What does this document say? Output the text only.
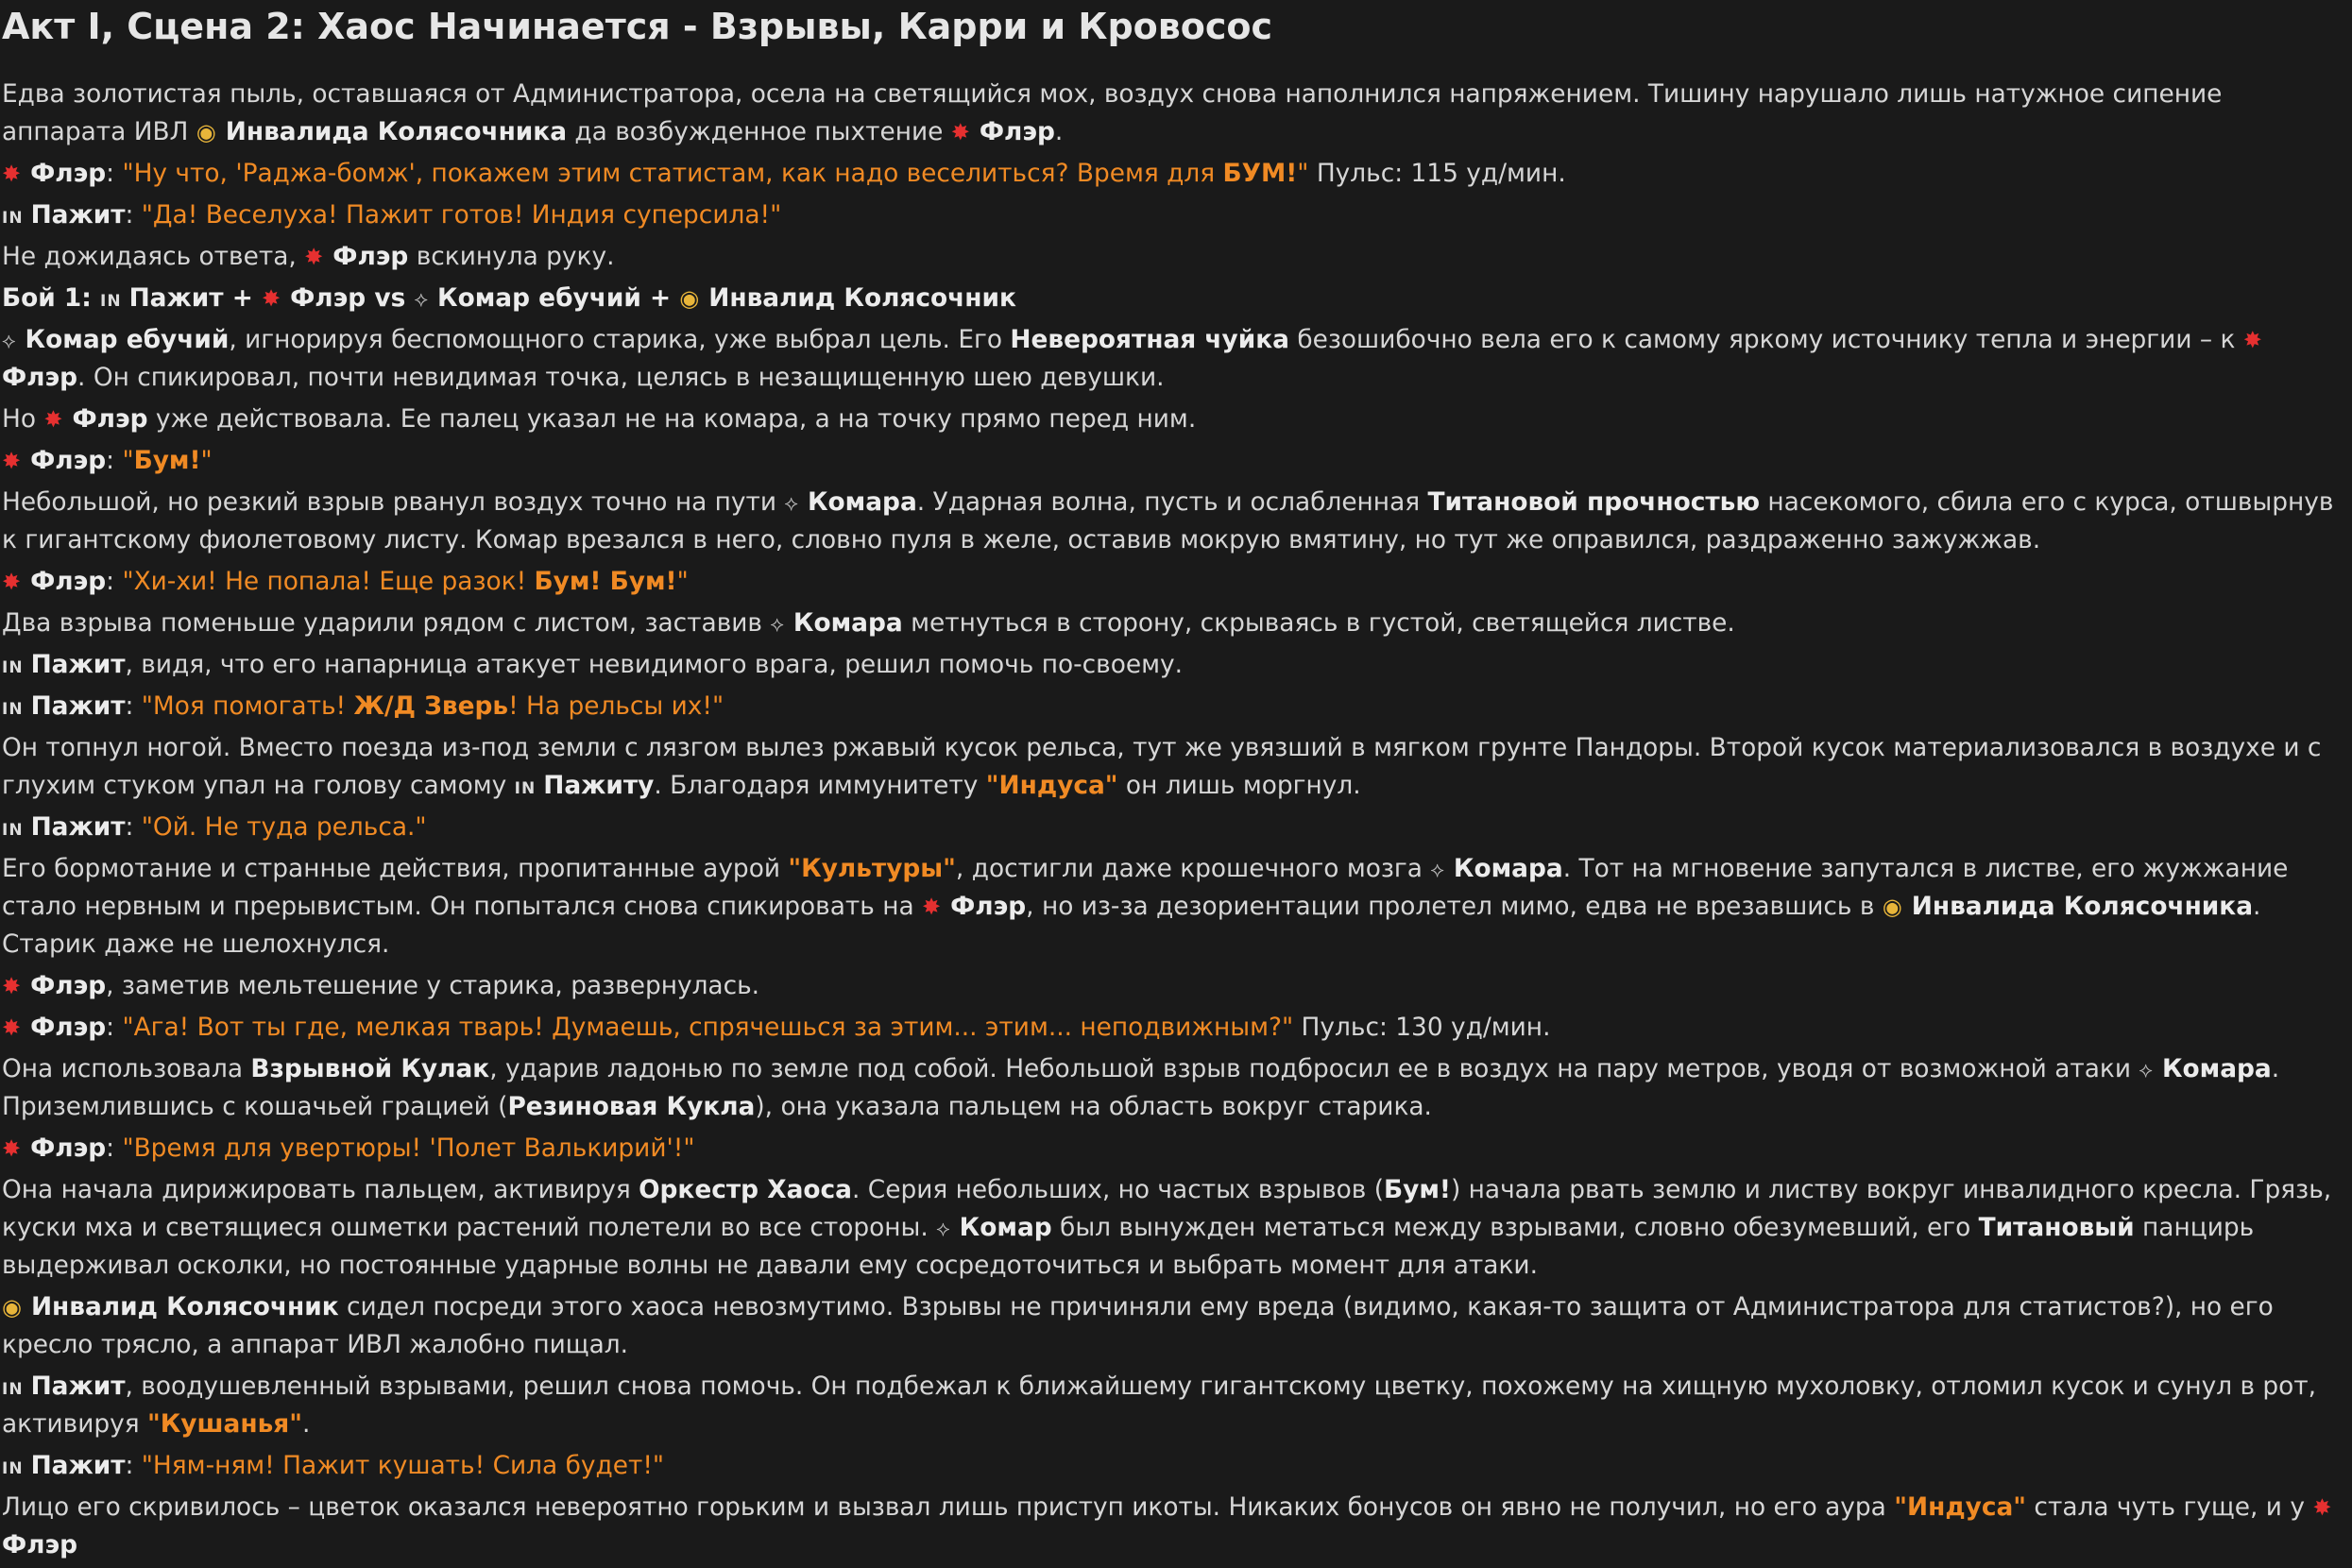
Акт I, Сцена 2: Хаос Начинается - Взрывы, Карри и Кровосос

Едва золотистая пыль, оставшаяся от Администратора, осела на светящийся мох, воздух снова наполнился напряжением. Тишину нарушало лишь натужное сипение аппарата ИВЛ ◉ Инвалида Колясочника да возбужденное пыхтение ✸ Флэр.

✸ Флэр: "Ну что, 'Раджа-бомж', покажем этим статистам, как надо веселиться? Время для БУМ!" Пульс: 115 уд/мин.

IN Пажит: "Да! Веселуха! Пажит готов! Индия суперсила!"

Не дожидаясь ответа, ✸ Флэр вскинула руку.

Бой 1: IN Пажит + ✸ Флэр vs ⟡ Комар ебучий + ◉ Инвалид Колясочник

⟡ Комар ебучий, игнорируя беспомощного старика, уже выбрал цель. Его Невероятная чуйка безошибочно вела его к самому яркому источнику тепла и энергии – к ✸Флэр. Он спикировал, почти невидимая точка, целясь в незащищенную шею девушки.

Но ✸ Флэр уже действовала. Ее палец указал не на комара, а на точку прямо перед ним.

✸ Флэр: "Бум!"

Небольшой, но резкий взрыв рванул воздух точно на пути ⟡ Комара. Ударная волна, пусть и ослабленная Титановой прочностью насекомого, сбила его с курса, отшвырнув к гигантскому фиолетовому листу. Комар врезался в него, словно пуля в желе, оставив мокрую вмятину, но тут же оправился, раздраженно зажужжав.

✸ Флэр: "Хи-хи! Не попала! Еще разок! Бум! Бум!"

Два взрыва поменьше ударили рядом с листом, заставив ⟡ Комара метнуться в сторону, скрываясь в густой, светящейся листве.

IN Пажит, видя, что его напарница атакует невидимого врага, решил помочь по-своему.

IN Пажит: "Моя помогать! Ж/Д Зверь! На рельсы их!"

Он топнул ногой. Вместо поезда из-под земли с лязгом вылез ржавый кусок рельса, тут же увязший в мягком грунте Пандоры. Второй кусок материализовался в воздухе и с глухим стуком упал на голову самому IN Пажиту. Благодаря иммунитету "Индуса" он лишь моргнул.

IN Пажит: "Ой. Не туда рельса."

Его бормотание и странные действия, пропитанные аурой "Культуры", достигли даже крошечного мозга ⟡ Комара. Тот на мгновение запутался в листве, его жужжание стало нервным и прерывистым. Он попытался снова спикировать на ✸ Флэр, но из-за дезориентации пролетел мимо, едва не врезавшись в ◉ Инвалида Колясочника. Старик даже не шелохнулся.

✸ Флэр, заметив мельтешение у старика, развернулась.

✸ Флэр: "Ага! Вот ты где, мелкая тварь! Думаешь, спрячешься за этим... этим... неподвижным?" Пульс: 130 уд/мин.

Она использовала Взрывной Кулак, ударив ладонью по земле под собой. Небольшой взрыв подбросил ее в воздух на пару метров, уводя от возможной атаки ⟡ Комара. Приземлившись с кошачьей грацией (Резиновая Кукла), она указала пальцем на область вокруг старика.

✸ Флэр: "Время для увертюры! 'Полет Валькирий'!"

Она начала дирижировать пальцем, активируя Оркестр Хаоса. Серия небольших, но частых взрывов (Бум!) начала рвать землю и листву вокруг инвалидного кресла. Грязь, куски мха и светящиеся ошметки растений полетели во все стороны. ⟡ Комар был вынужден метаться между взрывами, словно обезумевший, его Титановый панцирь выдерживал осколки, но постоянные ударные волны не давали ему сосредоточиться и выбрать момент для атаки.

◉ Инвалид Колясочник сидел посреди этого хаоса невозмутимо. Взрывы не причиняли ему вреда (видимо, какая-то защита от Администратора для статистов?), но его кресло трясло, а аппарат ИВЛ жалобно пищал.

IN Пажит, воодушевленный взрывами, решил снова помочь. Он подбежал к ближайшему гигантскому цветку, похожему на хищную мухоловку, отломил кусок и сунул в рот, активируя "Кушанья".

IN Пажит: "Ням-ням! Пажит кушать! Сила будет!"

Лицо его скривилось – цветок оказался невероятно горьким и вызвал лишь приступ икоты. Никаких бонусов он явно не получил, но его аура "Индуса" стала чуть гуще, и у ✸Флэр
